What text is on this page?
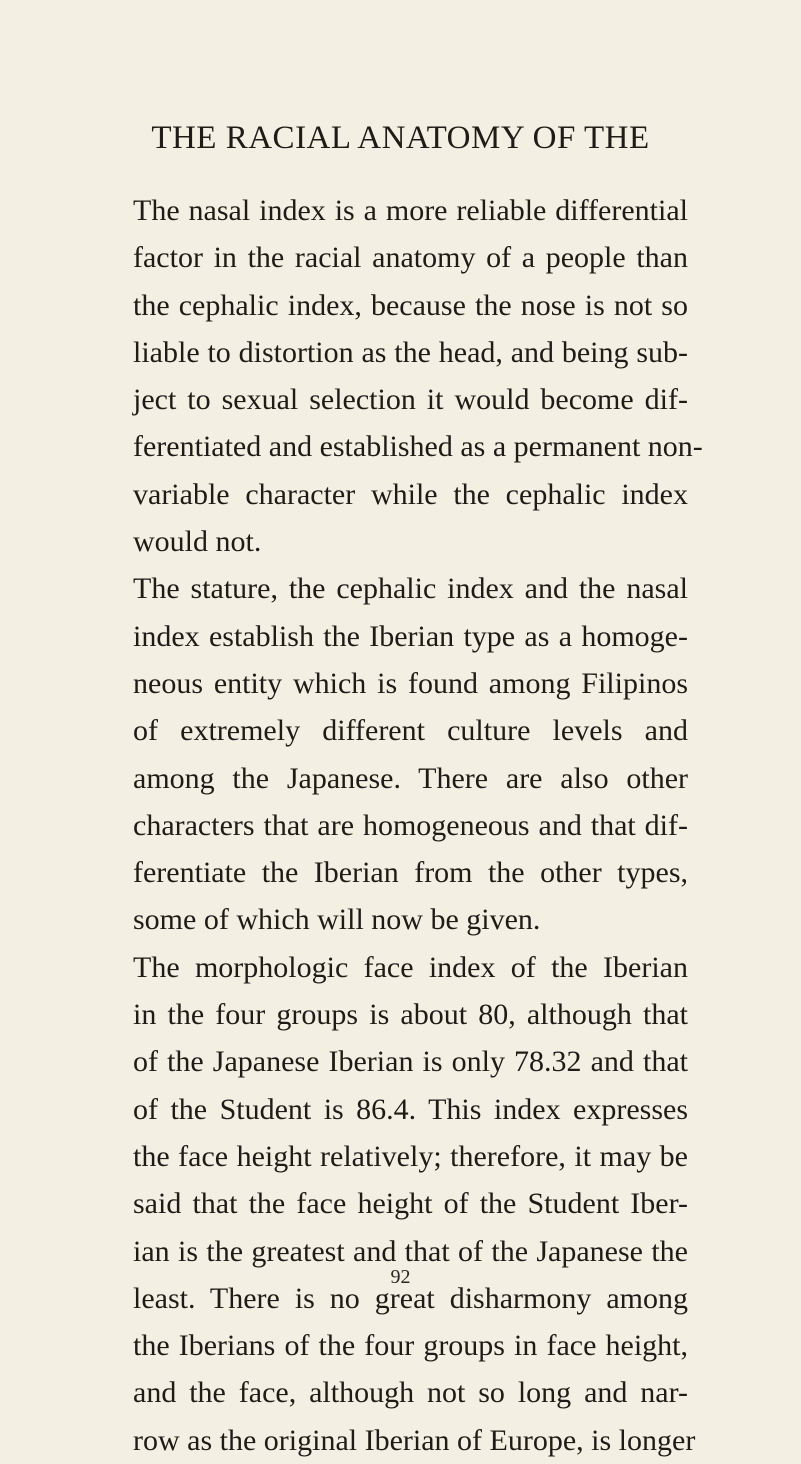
THE RACIAL ANATOMY OF THE
The nasal index is a more reliable differential
factor in the racial anatomy of a people than
the cephalic index, because the nose is not so
liable to distortion as the head, and being sub-
ject to sexual selection it would become dif-
ferentiated and established as a permanent non-
variable character while the cephalic index
would not.
The stature, the cephalic index and the nasal
index establish the Iberian type as a homoge-
neous entity which is found among Filipinos
of extremely different culture levels and
among the Japanese. There are also other
characters that are homogeneous and that dif-
ferentiate the Iberian from the other types,
some of which will now be given.
The morphologic face index of the Iberian
in the four groups is about 80, although that
of the Japanese Iberian is only 78.32 and that
of the Student is 86.4. This index expresses
the face height relatively; therefore, it may be
said that the face height of the Student Iber-
ian is the greatest and that of the Japanese the
least. There is no great disharmony among
the Iberians of the four groups in face height,
and the face, although not so long and nar-
row as the original Iberian of Europe, is longer
92
